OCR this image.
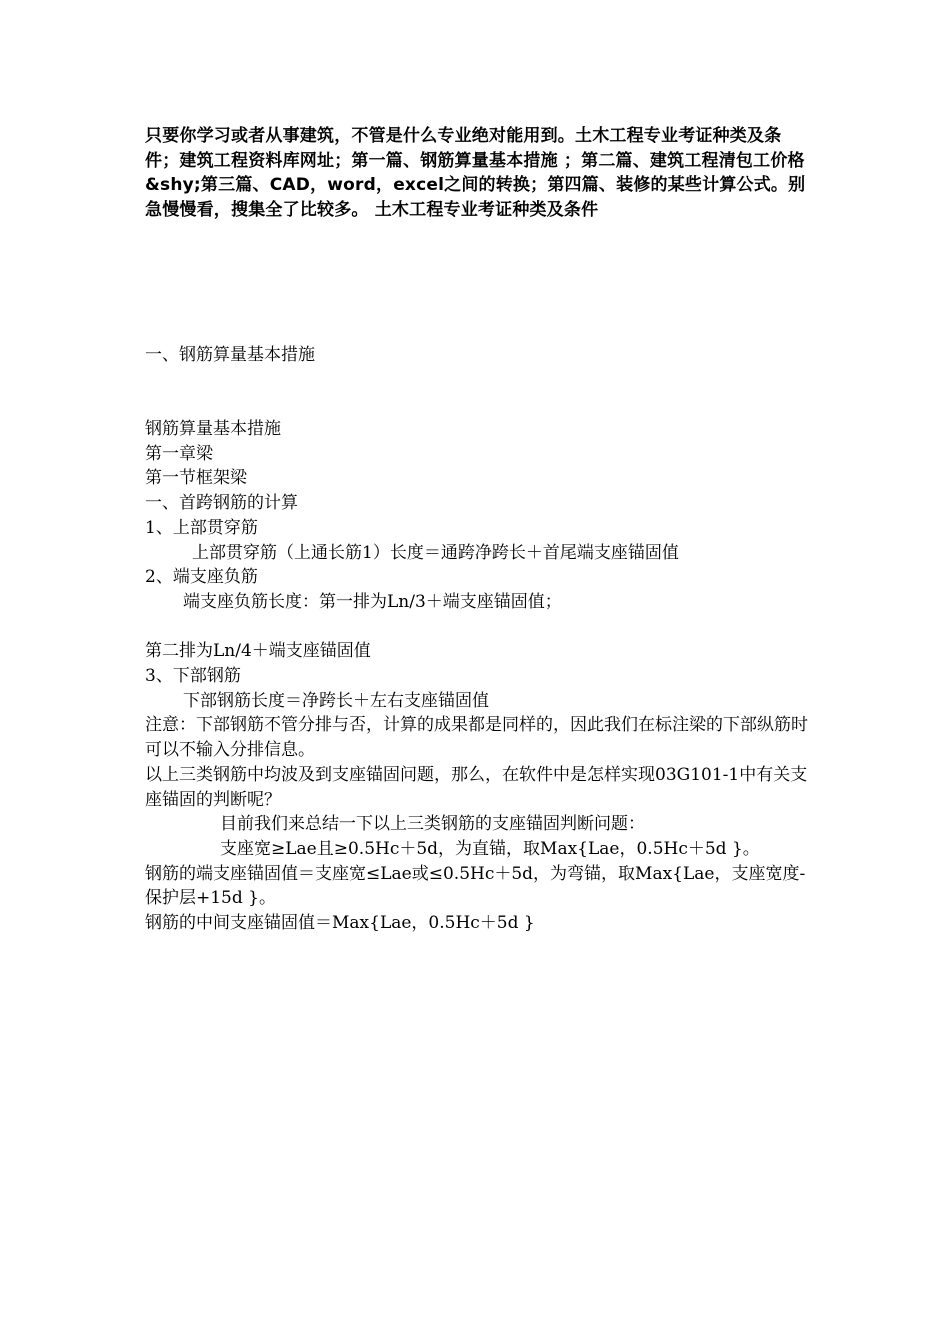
只要你学习或者从事建筑，不管是什么专业绝对能用到。土木工程专业考证种类及条件；建筑工程资料库网址；第一篇、钢筋算量基本措施 ；第二篇、建筑工程清包工价格&shy;第三篇、CAD，word，excel之间的转换；第四篇、装修的某些计算公式。别急慢慢看，搜集全了比较多。 土木工程专业考证种类及条件

一、钢筋算量基本措施

钢筋算量基本措施
第一章梁
第一节框架梁
一、首跨钢筋的计算
1、上部贯穿筋
上部贯穿筋（上通长筋1）长度＝通跨净跨长＋首尾端支座锚固值
2、端支座负筋
端支座负筋长度：第一排为Ln/3＋端支座锚固值；
第二排为Ln/4＋端支座锚固值
3、下部钢筋
下部钢筋长度＝净跨长＋左右支座锚固值
注意：下部钢筋不管分排与否，计算的成果都是同样的，因此我们在标注梁的下部纵筋时可以不输入分排信息。
以上三类钢筋中均波及到支座锚固问题，那么，在软件中是怎样实现03G101-1中有关支座锚固的判断呢？
目前我们来总结一下以上三类钢筋的支座锚固判断问题：
支座宽≥Lae且≥0.5Hc＋5d，为直锚，取Max{Lae，0.5Hc＋5d }。
钢筋的端支座锚固值＝支座宽≤Lae或≤0.5Hc＋5d，为弯锚，取Max{Lae，支座宽度-保护层+15d }。
钢筋的中间支座锚固值＝Max{Lae，0.5Hc＋5d }
